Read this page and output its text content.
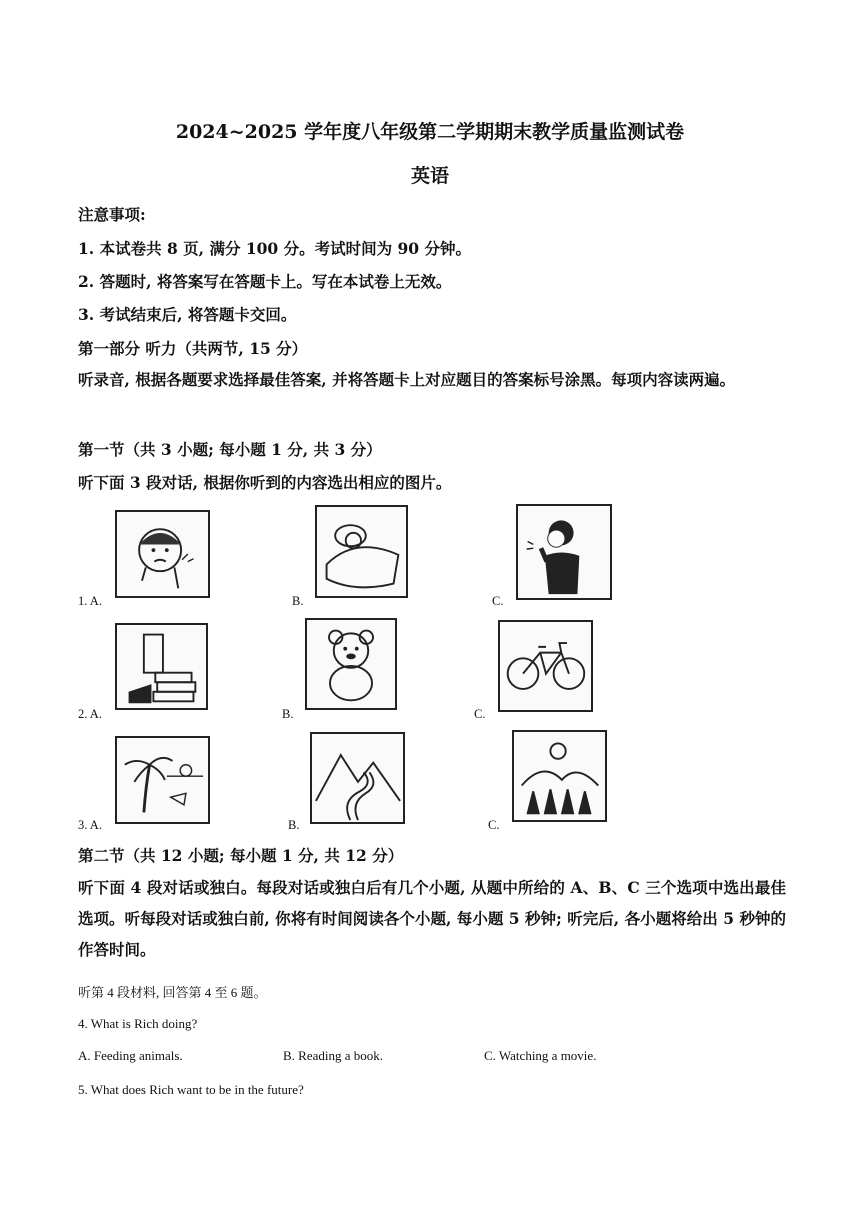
2024~2025 学年度八年级第二学期期末教学质量监测试卷
英语
注意事项:
1. 本试卷共 8 页, 满分 100 分。考试时间为 90 分钟。
2. 答题时, 将答案写在答题卡上。写在本试卷上无效。
3. 考试结束后, 将答题卡交回。
第一部分 听力（共两节, 15 分）
听录音, 根据各题要求选择最佳答案, 并将答题卡上对应题目的答案标号涂黑。每项内容读两遍。
第一节（共 3 小题; 每小题 1 分, 共 3 分）
听下面 3 段对话, 根据你听到的内容选出相应的图片。
1. A.	B.	C.
2. A.	B.	C.
3. A.	B.	C.
第二节（共 12 小题; 每小题 1 分, 共 12 分）
听下面 4 段对话或独白。每段对话或独白后有几个小题, 从题中所给的 A、B、C 三个选项中选出最佳选项。听每段对话或独白前, 你将有时间阅读各个小题, 每小题 5 秒钟; 听完后, 各小题将给出 5 秒钟的作答时间。
听第 4 段材料, 回答第 4 至 6 题。
4. What is Rich doing?
A. Feeding animals.	B. Reading a book.	C. Watching a movie.
5. What does Rich want to be in the future?
